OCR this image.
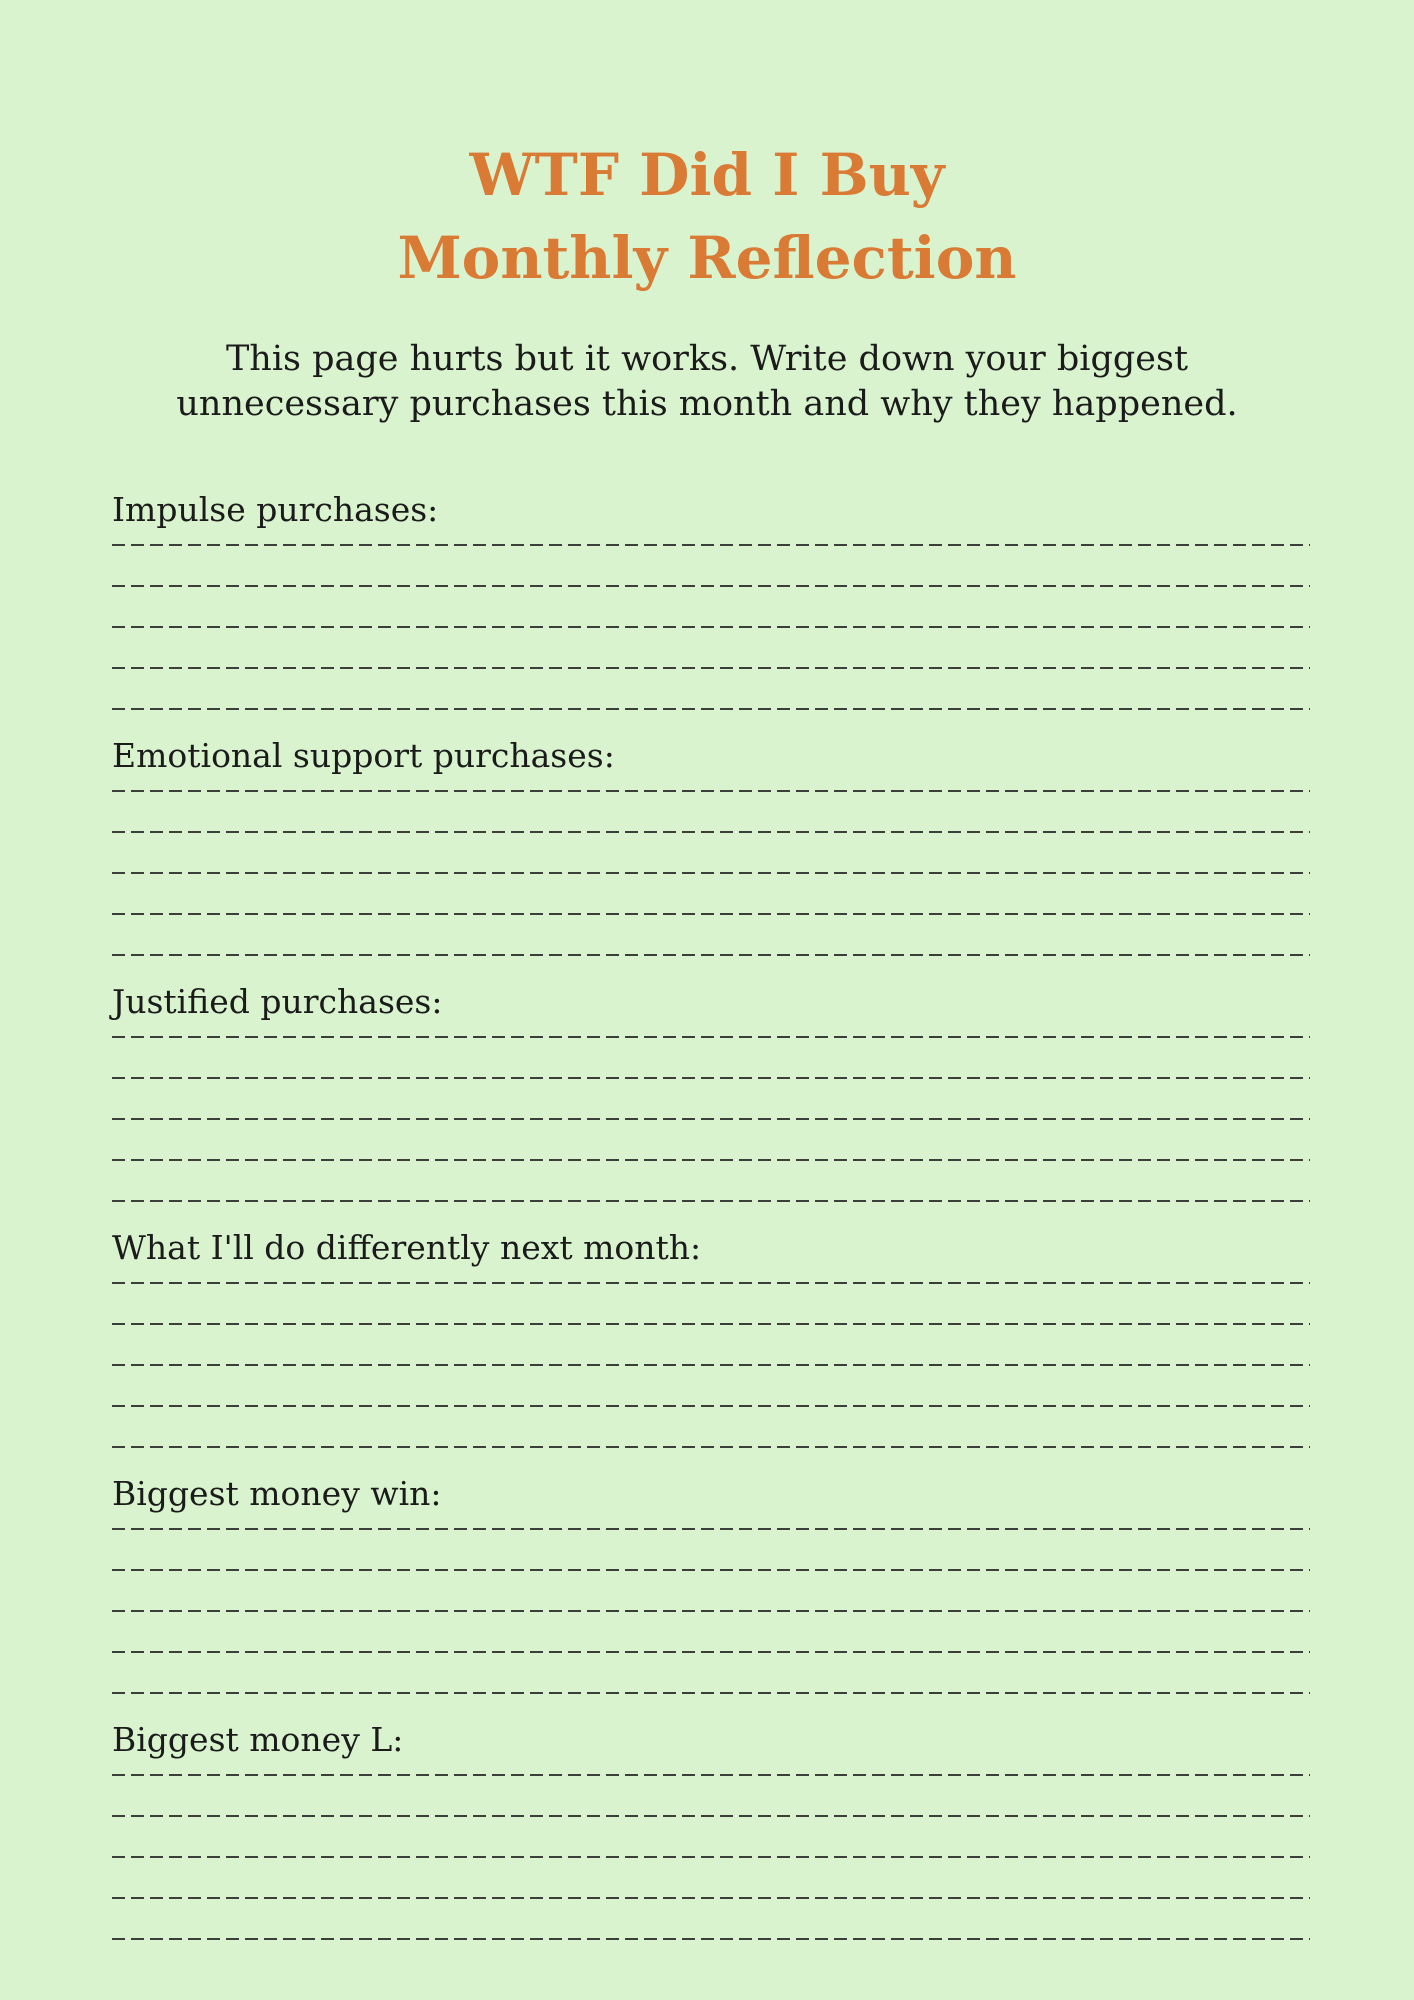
WTF Did I Buy
Monthly Reflection

This page hurts but it works. Write down your biggest unnecessary purchases this month and why they happened.

Impulse purchases:

Emotional support purchases:

Justified purchases:

What I'll do differently next month:

Biggest money win:

Biggest money L:
